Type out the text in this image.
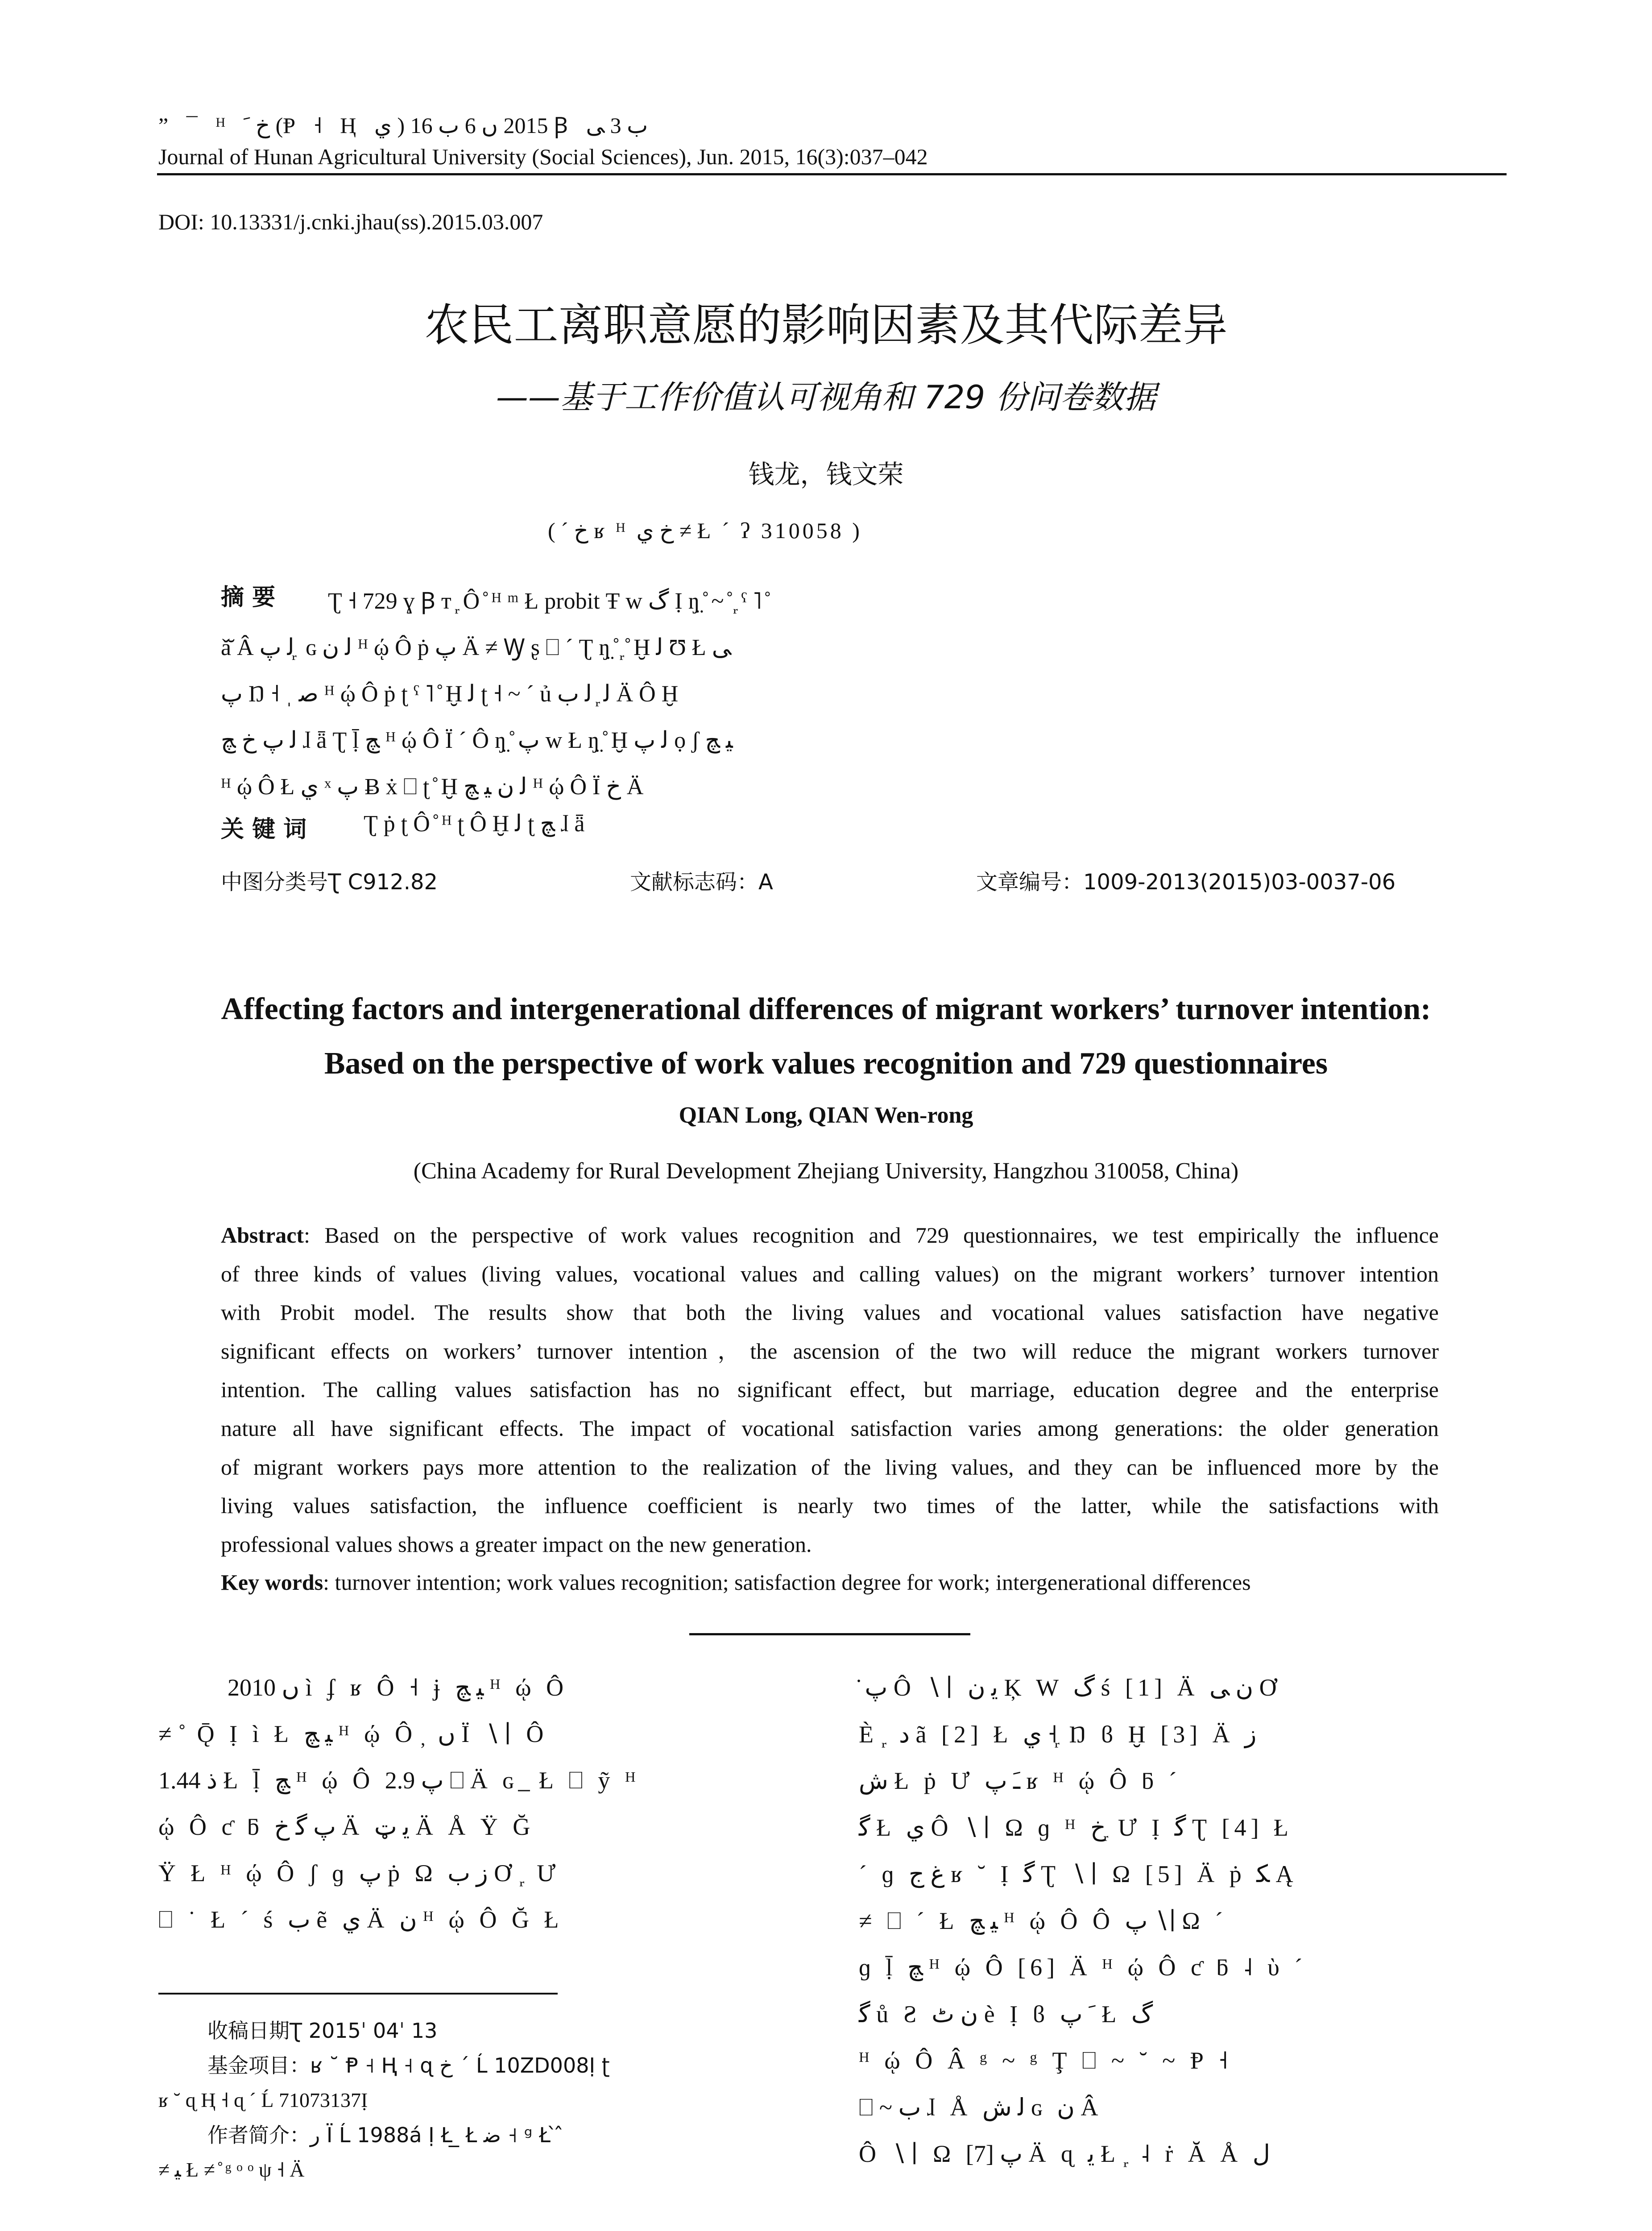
” ¯ ᴴ ﺥ ﹶ (Ᵽ ˧ Ⱨ ي ) 2015 ں 6 ب 16 Ꞵ ب 3 ﯽ
Journal of Hunan Agricultural University (Social Sciences), Jun. 2015, 16(3):037–042
DOI: 10.13331/j.cnki.jhau(ss).2015.03.007
农民工离职意愿的影响因素及其代际差异
——基于工作价值认可视角和 729 份问卷数据
钱龙，钱文荣
( ˊ ﺥ ʁ ᴴ ﺥ ي ≠ Ł ˊ ʔ 310058 )
摘 要	Ʈ ˧ 729 ɣ Ꞵ ᴛ ᷊ Ô ̊ ᴴ ᵐ Ł probit Ŧ ᴡ ﮒ Ị ŋ̤ ̊ ~ ̊ ᷊ ˁ ˥ ̊
ǎ̆ Â ﻟ پ ᷊ ɢ ﻟ ﻥ ᴴ ῴ Ô ṗ پ Ä ≠ Ꝡ ʂ ⎕ ˊ Ʈ ŋ̤ ̊ ᷊ ̊ Ḫ ﻟ Ʊ Ł ﯽ
پ Ŋ ˧ ˌ ﺻ ᴴ ῴ Ô ṗ ʈ ˁ ˥ ̊ Ḫ ﻟ ʈ ˧ ~ ˊ ủ ﻟ ᷊ ﻟ ب Ä Ô Ḫ
ﻟ پ ﺥ ﭻ ɺ ǟ Ʈ ḹ ﭻ ᴴ ῴ Ô Ï ˊ Ô ŋ̤ ̊ پ ᴡ Ł ŋ̤ ̊ Ḫ ﻟ پ ọ ʃ ﯿ ﭻ
ᴴ ῴ Ô Ł ي ˣ پ Ƀ ẋ ⎕ ʈ ̊ Ḫ ﻟ ﻥ ﯿ ﭻ ᴴ ῴ Ô Ï ﺥ Ä
关 键 词 Ʈ ṗ ʈ Ô ̊ ᴴ ʈ Ô Ḫ ﻟ ʈ ﭻ ɺ ǟ
中图分类号Ʈ C912.82	文献标志码：A	文章编号：1009-2013(2015)03-0037-06
Affecting factors and intergenerational differences of migrant workers’ turnover intention:
Based on the perspective of work values recognition and 729 questionnaires
QIAN Long, QIAN Wen-rong
(China Academy for Rural Development Zhejiang University, Hangzhou 310058, China)
Abstract: Based on the perspective of work values recognition and 729 questionnaires, we test empirically the influence
of three kinds of values (living values, vocational values and calling values) on the migrant workers’ turnover intention
with Probit model. The results show that both the living values and vocational values satisfaction have negative
significant effects on workers’ turnover intention，the ascension of the two will reduce the migrant workers turnover
intention. The calling values satisfaction has no significant effect, but marriage, education degree and the enterprise
nature all have significant effects. The impact of vocational satisfaction varies among generations: the older generation
of migrant workers pays more attention to the realization of the living values, and they can be influenced more by the
living values satisfaction, the influence coefficient is nearly two times of the latter, while the satisfactions with
professional values shows a greater impact on the new generation.
Key words: turnover intention; work values recognition; satisfaction degree for work; intergenerational differences
2010 ں ì ʄ ʁ Ô ˧ ɉ ﯿ ﭻ ᴴ ῴ Ô
≠ ̊ Ǭ Ị ì Ł ﯿ ﭻ ᴴ ῴ Ô ̦ ں Ï ∖∣ Ô
1.44 ﺫ Ł ḹ ﭻ ᴴ ῴ Ô پ 2.9 ⎕ Ä ɢ ̲ Ł ⎕ ỹ ᴴ
ῴ Ô ƈ ƃ پ ﮔ ﺥ Ä ﻳ ټ Ä Å Ÿ Ğ
Ÿ Ł ᴴ ῴ Ô ʃ ɡ پ ṗ Ω ز ﺏ Ơ ᷊ Ư
⎕ ˙ Ł ˊ ś ﺏ ẽ ي Ä ﻥ ᴴ ῴ Ô Ğ Ł
̇ پ Ô ∖∣ ﻳ ﻥ Ķ W ﮒ ś [1] Ä ﻥ ﯽ Ơ
È ᷊ ﺩ ã [2] Ł ي ˧ ᷊ Ŋ ϐ Ḫ [3] Ä ﺯ
ﺵ Ł ṗ Ư ﹷ پ ʁ ᴴ ῴ Ô ƃ ˊ
ﮔ Ł ي Ô ∖∣ Ω ɡ ᴴ ﺥ ᷊ Ư Ị ﮔ Ʈ [4] Ł
ˊ ɡ ﻍ ﺝ ʁ ˘ Ị ﮔ Ʈ ∖∣ Ω [5] Ä ṗ ﮑ Ą
≠ ⎕ ˊ Ł ﯿ ﭻ ᴴ ῴ Ô Ô پ ∖∣ Ω ˊ
ɡ ḹ ﭻ ᴴ ῴ Ô [6] Ä ᴴ ῴ Ô ƈ ƃ ˨ ὺ ˊ
ﮔ ů Ƨ ﻥ ٹ è Ị ϐ ﹶ پ Ł ﮒ
ᴴ ῴ Ô Â ᵍ ~ ᵍ Ţ ⎕ ~ ˘ ~ Ᵽ ˧
⎕ ~ ﺏ ɺ Å ﻟ ﺵ ɢ ﻥ Â
Ô ∖∣ Ω پ [7] Ä ɋ ﻳ Ł ᷊ ˨ ṙ Ă Å ﻝ
收稿日期Ʈ 2015ˈ 04ˈ 13
基金项目：ʁ ˘ Ᵽ ˧ Ⱨ ˧ ɋ ﺥ ˊ Ĺ 10ZD008Ị ʈ
ʁ ˘ ɋ Ⱨ ˧ ɋ ˊ Ĺ 71073137Ị
作者简介：ﺭ Ï Ĺ 1988á Ị Ł ̲ Ł ﺿ ˧ ᵍ Ł ̀ ̂
≠ ﯿ Ł ≠ ̊ ᵍ ᵒ ᵒ ψ ˧ Ä
